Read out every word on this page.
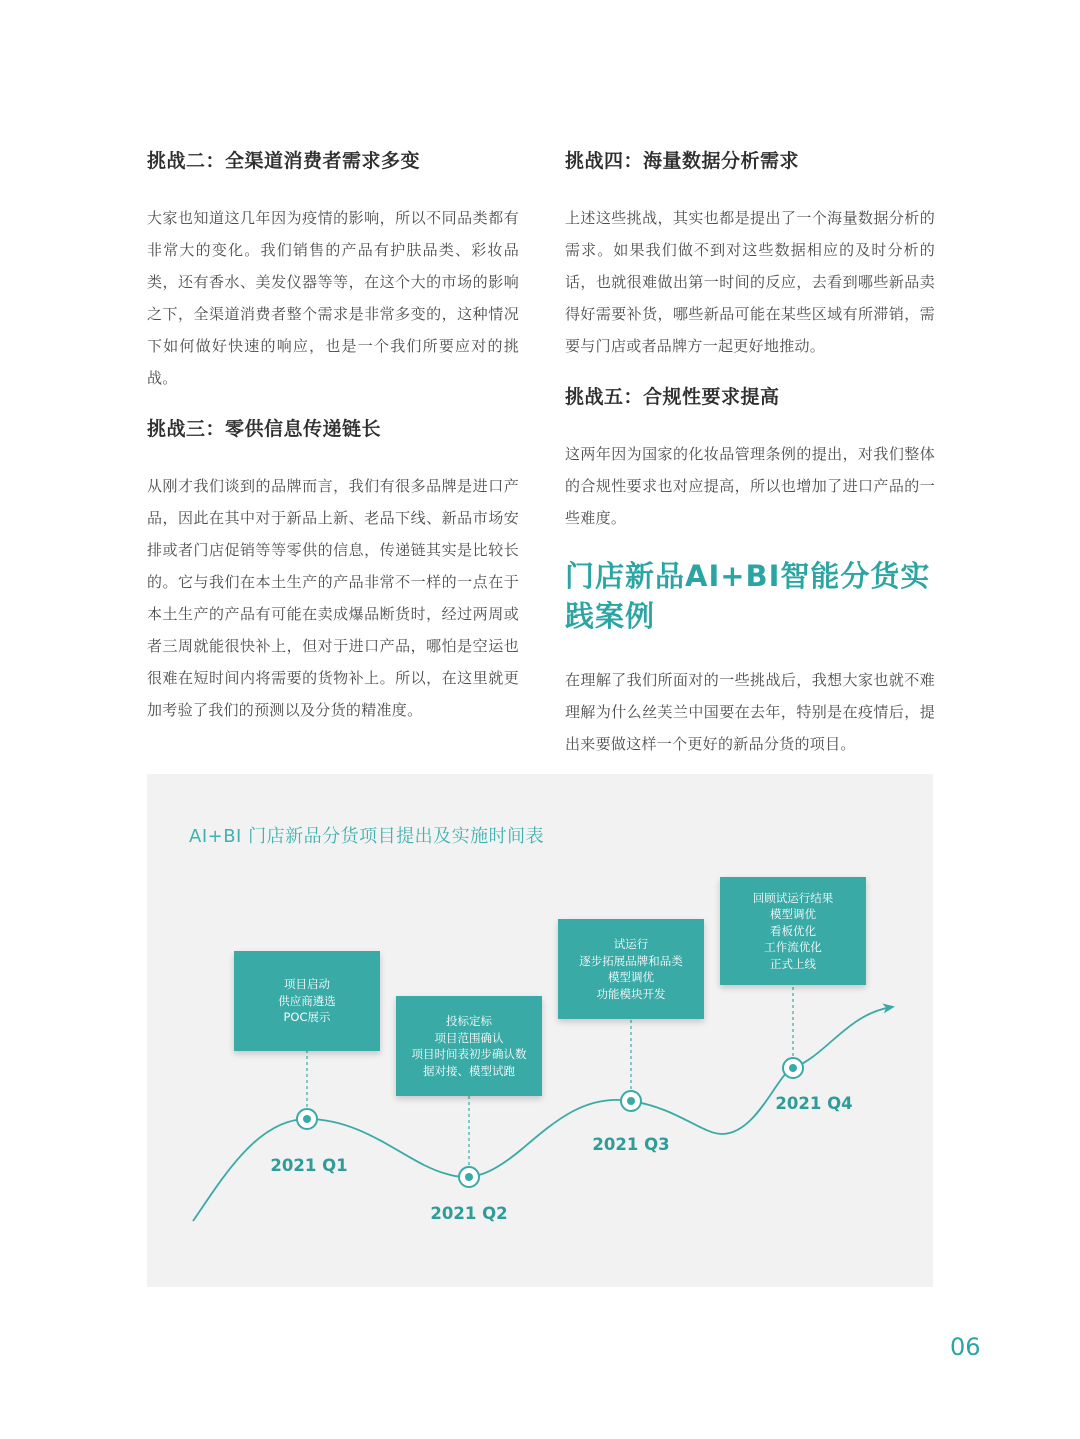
挑战二：全渠道消费者需求多变
大家也知道这几年因为疫情的影响，所以不同品类都有非常大的变化。我们销售的产品有护肤品类、彩妆品类，还有香水、美发仪器等等，在这个大的市场的影响之下，全渠道消费者整个需求是非常多变的，这种情况下如何做好快速的响应，也是一个我们所要应对的挑战。
挑战三：零供信息传递链长
从刚才我们谈到的品牌而言，我们有很多品牌是进口产品，因此在其中对于新品上新、老品下线、新品市场安排或者门店促销等等零供的信息，传递链其实是比较长的。它与我们在本土生产的产品非常不一样的一点在于本土生产的产品有可能在卖成爆品断货时，经过两周或者三周就能很快补上，但对于进口产品，哪怕是空运也很难在短时间内将需要的货物补上。所以，在这里就更加考验了我们的预测以及分货的精准度。
挑战四：海量数据分析需求
上述这些挑战，其实也都是提出了一个海量数据分析的需求。如果我们做不到对这些数据相应的及时分析的话，也就很难做出第一时间的反应，去看到哪些新品卖得好需要补货，哪些新品可能在某些区域有所滞销，需要与门店或者品牌方一起更好地推动。
挑战五：合规性要求提高
这两年因为国家的化妆品管理条例的提出，对我们整体的合规性要求也对应提高，所以也增加了进口产品的一些难度。
门店新品AI+BI智能分货实践案例
在理解了我们所面对的一些挑战后，我想大家也就不难理解为什么丝芙兰中国要在去年，特别是在疫情后，提出来要做这样一个更好的新品分货的项目。
AI+BI 门店新品分货项目提出及实施时间表
项目启动
供应商遴选
POC展示	投标定标
项目范围确认
项目时间表初步确认数
据对接、模型试跑
试运行
逐步拓展品牌和品类
模型调优
功能模块开发
回顾试运行结果
模型调优
看板优化
工作流优化
正式上线
2021 Q1
2021 Q2
2021 Q3
2021 Q4
06
